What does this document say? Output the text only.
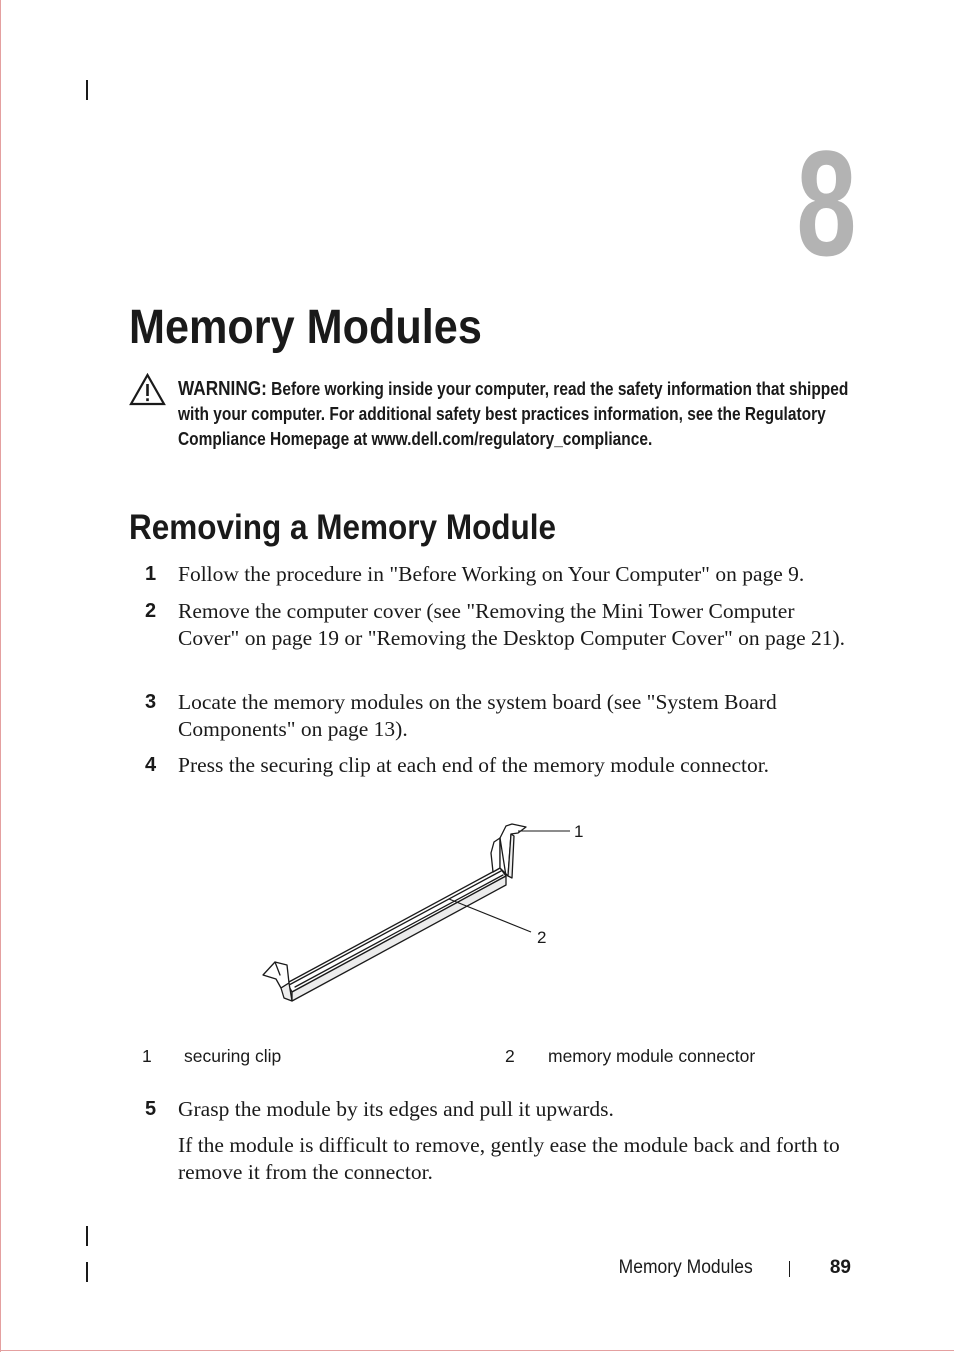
8
Memory Modules
WARNING: Before working inside your computer, read the safety information that shipped with your computer. For additional safety best practices information, see the Regulatory Compliance Homepage at www.dell.com/regulatory_compliance.
Removing a Memory Module
1 Follow the procedure in "Before Working on Your Computer" on page 9.
2 Remove the computer cover (see "Removing the Mini Tower Computer Cover" on page 19 or "Removing the Desktop Computer Cover" on page 21).
3 Locate the memory modules on the system board (see "System Board Components" on page 13).
4 Press the securing clip at each end of the memory module connector.
1
2
1 securing clip	2 memory module connector
5 Grasp the module by its edges and pull it upwards.
If the module is difficult to remove, gently ease the module back and forth to remove it from the connector.
Memory Modules	89
